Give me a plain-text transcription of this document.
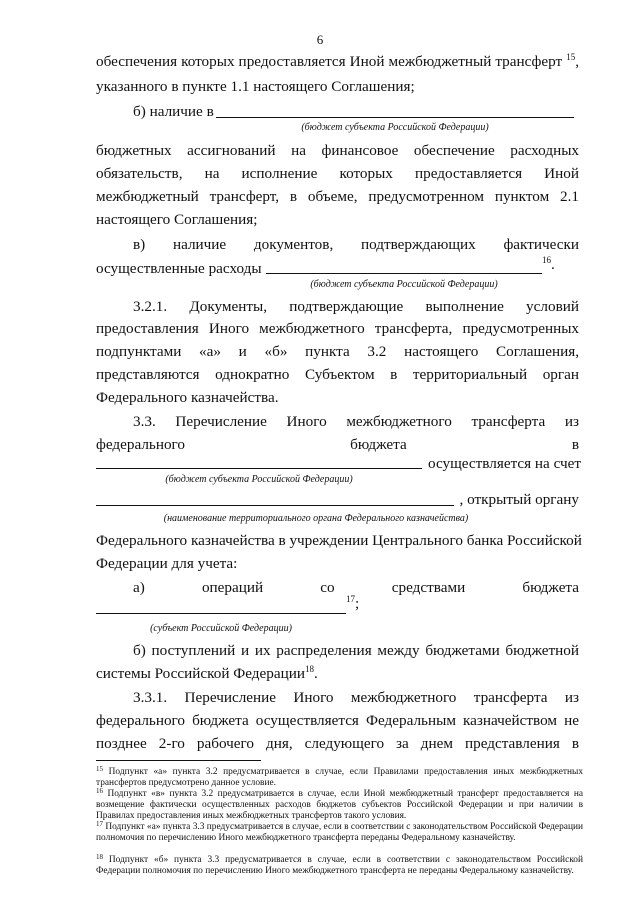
6
обеспечения которых предоставляется Иной межбюджетный трансферт $^{15}$,
указанного в пункте 1.1 настоящего Соглашения;
б) наличие в
(бюджет субъекта Российской Федерации)
бюджетных ассигнований на финансовое обеспечение расходных
обязательств, на исполнение которых предоставляется Иной
межбюджетный трансферт, в объеме, предусмотренном пунктом 2.1
настоящего Соглашения;
в) наличие документов, подтверждающих фактически
осуществленные расходы	$^{16}$.
(бюджет субъекта Российской Федерации)
3.2.1. Документы, подтверждающие выполнение условий
предоставления Иного межбюджетного трансферта, предусмотренных
подпунктами «а» и «б» пункта 3.2 настоящего Соглашения,
представляются однократно Субъектом в территориальный орган
Федерального казначейства.
3.3. Перечисление Иного межбюджетного трансферта из
федерального бюджета в
осуществляется на счет
(бюджет субъекта Российской Федерации)
, открытый органу
(наименование территориального органа Федерального казначейства)
Федерального казначейства в учреждении Центрального банка Российской
Федерации для учета:
а) операций со средствами бюджета
$^{17}$;
(субъект Российской Федерации)
б) поступлений и их распределения между бюджетами бюджетной
системы Российской Федерации$^{18}$.
3.3.1. Перечисление Иного межбюджетного трансферта из
федерального бюджета осуществляется Федеральным казначейством не
позднее 2-го рабочего дня, следующего за днем представления в
$^{15}$ Подпункт «а» пункта 3.2 предусматривается в случае, если Правилами предоставления иных межбюджетных трансфертов предусмотрено данное условие.
$^{16}$ Подпункт «в» пункта 3.2 предусматривается в случае, если Иной межбюджетный трансферт предоставляется на возмещение фактически осуществленных расходов бюджетов субъектов Российской Федерации и при наличии в Правилах предоставления иных межбюджетных трансфертов такого условия.
$^{17}$ Подпункт «а» пункта 3.3 предусматривается в случае, если в соответствии с законодательством Российской Федерации полномочия по перечислению Иного межбюджетного трансферта переданы Федеральному казначейству.
$^{18}$ Подпункт «б» пункта 3.3 предусматривается в случае, если в соответствии с законодательством Российской Федерации полномочия по перечислению Иного межбюджетного трансферта не переданы Федеральному казначейству.
